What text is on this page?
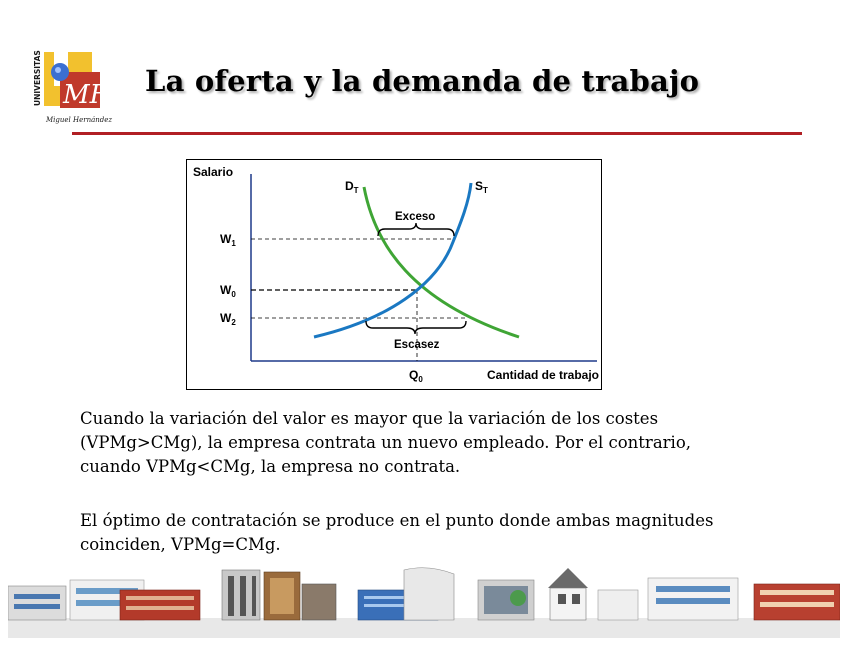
UNIVERSITAS MH
Miguel Hernández
La oferta y la demanda de trabajo
Salario
Cantidad de trabajo
$D_T$	$S_T$
$W_1$
$W_0$
$W_2$
$Q_0$
Exceso
Escasez
Cuando la variación del valor es mayor que la variación de los costes
(VPMg>CMg), la empresa contrata un nuevo empleado. Por el contrario,
cuando VPMg<CMg, la empresa no contrata.
El óptimo de contratación se produce en el punto donde ambas magnitudes
coinciden, VPMg=CMg.
